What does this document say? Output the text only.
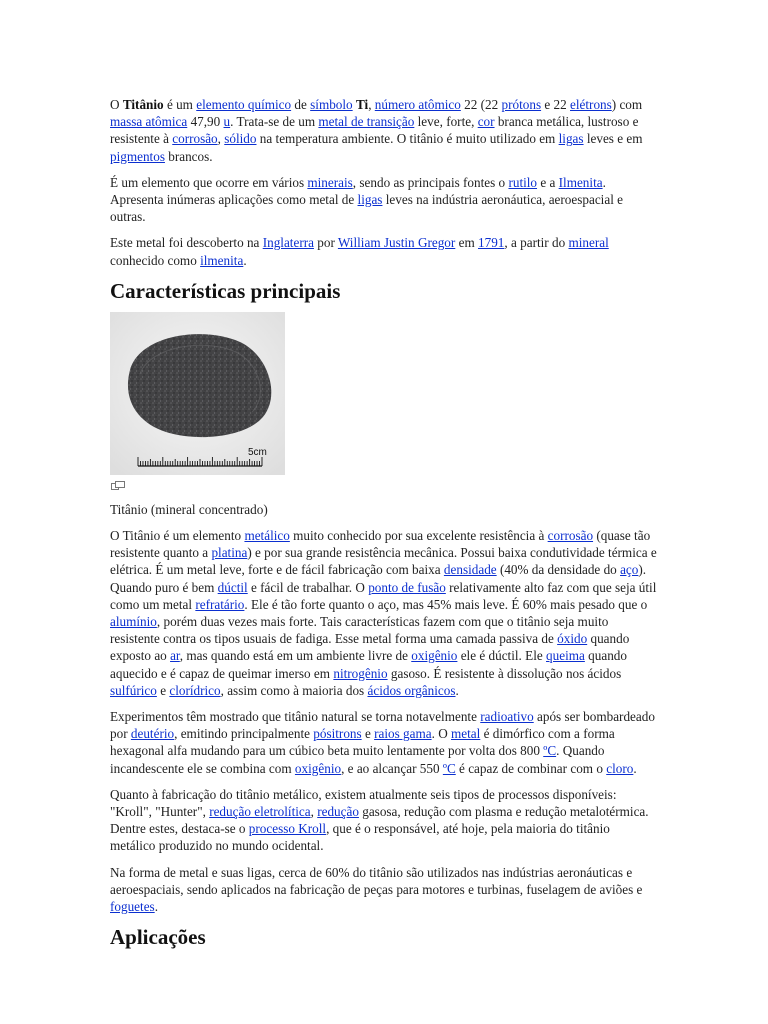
O Titânio é um elemento químico de símbolo Ti, número atômico 22 (22 prótons e 22 elétrons) com massa atômica 47,90 u. Trata-se de um metal de transição leve, forte, cor branca metálica, lustroso e resistente à corrosão, sólido na temperatura ambiente. O titânio é muito utilizado em ligas leves e em pigmentos brancos.

É um elemento que ocorre em vários minerais, sendo as principais fontes o rutilo e a Ilmenita. Apresenta inúmeras aplicações como metal de ligas leves na indústria aeronáutica, aeroespacial e outras.

Este metal foi descoberto na Inglaterra por William Justin Gregor em 1791, a partir do mineral conhecido como ilmenita.

Características principais
5cm

Titânio (mineral concentrado)

O Titânio é um elemento metálico muito conhecido por sua excelente resistência à corrosão (quase tão resistente quanto a platina) e por sua grande resistência mecânica. Possui baixa condutividade térmica e elétrica. É um metal leve, forte e de fácil fabricação com baixa densidade (40% da densidade do aço). Quando puro é bem dúctil e fácil de trabalhar. O ponto de fusão relativamente alto faz com que seja útil como um metal refratário. Ele é tão forte quanto o aço, mas 45% mais leve. É 60% mais pesado que o alumínio, porém duas vezes mais forte. Tais características fazem com que o titânio seja muito resistente contra os tipos usuais de fadiga. Esse metal forma uma camada passiva de óxido quando exposto ao ar, mas quando está em um ambiente livre de oxigênio ele é dúctil. Ele queima quando aquecido e é capaz de queimar imerso em nitrogênio gasoso. É resistente à dissolução nos ácidos sulfúrico e clorídrico, assim como à maioria dos ácidos orgânicos.

Experimentos têm mostrado que titânio natural se torna notavelmente radioativo após ser bombardeado por deutério, emitindo principalmente pósitrons e raios gama. O metal é dimórfico com a forma hexagonal alfa mudando para um cúbico beta muito lentamente por volta dos 800 ºC. Quando incandescente ele se combina com oxigênio, e ao alcançar 550 ºC é capaz de combinar com o cloro.

Quanto à fabricação do titânio metálico, existem atualmente seis tipos de processos disponíveis: "Kroll", "Hunter", redução eletrolítica, redução gasosa, redução com plasma e redução metalotérmica. Dentre estes, destaca-se o processo Kroll, que é o responsável, até hoje, pela maioria do titânio metálico produzido no mundo ocidental.

Na forma de metal e suas ligas, cerca de 60% do titânio são utilizados nas indústrias aeronáuticas e aeroespaciais, sendo aplicados na fabricação de peças para motores e turbinas, fuselagem de aviões e foguetes.

Aplicações
